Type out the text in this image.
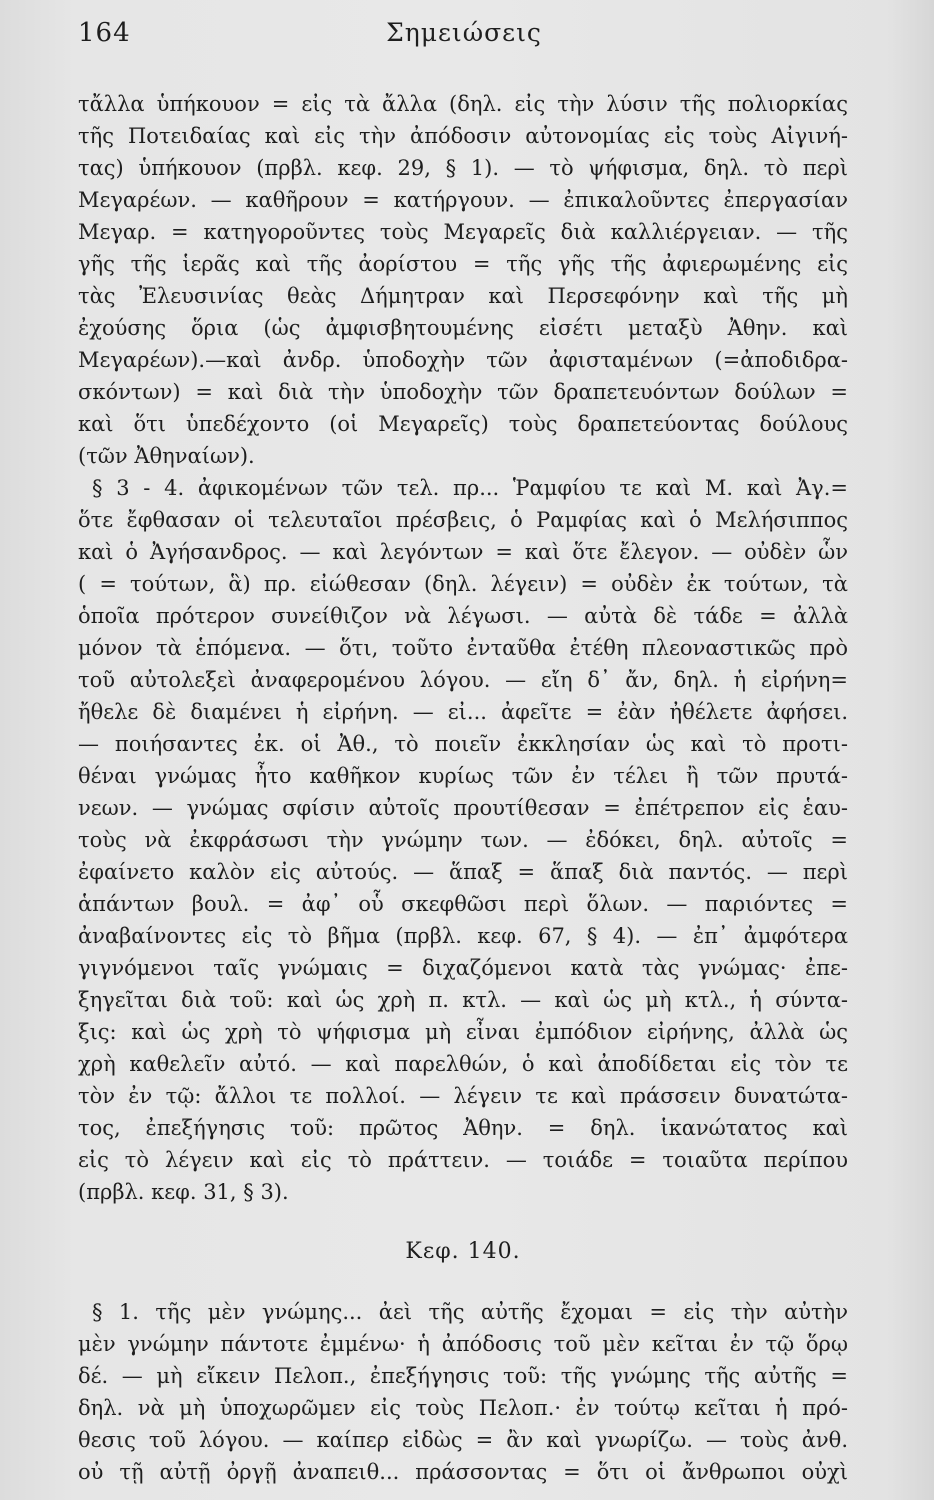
164	Σημειώσεις
τἄλλα ὑπήκουον = εἰς τὰ ἄλλα (δηλ. εἰς τὴν λύσιν τῆς πολιορκίας
τῆς Ποτειδαίας καὶ εἰς τὴν ἀπόδοσιν αὐτονομίας εἰς τοὺς Αἰγινή-
τας) ὑπήκουον (πρβλ. κεφ. 29, § 1). — τὸ ψήφισμα, δηλ. τὸ περὶ
Μεγαρέων. — καθῆρουν = κατήργουν. — ἐπικαλοῦντες ἐπεργασίαν
Μεγαρ. = κατηγοροῦντες τοὺς Μεγαρεῖς διὰ καλλιέργειαν. — τῆς
γῆς τῆς ἱερᾶς καὶ τῆς ἀορίστου = τῆς γῆς τῆς ἀφιερωμένης εἰς
τὰς Ἐλευσινίας θεὰς Δήμητραν καὶ Περσεφόνην καὶ τῆς μὴ
ἐχούσης ὅρια (ὡς ἀμφισβητουμένης εἰσέτι μεταξὺ Ἀθην. καὶ
Μεγαρέων).—καὶ ἀνδρ. ὑποδοχὴν τῶν ἀφισταμένων (=ἀποδιδρα-
σκόντων) = καὶ διὰ τὴν ὑποδοχὴν τῶν δραπετευόντων δούλων =
καὶ ὅτι ὑπεδέχοντο (οἱ Μεγαρεῖς) τοὺς δραπετεύοντας δούλους
(τῶν Ἀθηναίων).
§ 3 - 4. ἀφικομένων τῶν τελ. πρ... Ῥαμφίου τε καὶ Μ. καὶ Ἀγ.=
ὅτε ἔφθασαν οἱ τελευταῖοι πρέσβεις, ὁ Ραμφίας καὶ ὁ Μελήσιππος
καὶ ὁ Ἀγήσανδρος. — καὶ λεγόντων = καὶ ὅτε ἔλεγον. — οὐδὲν ὧν
( = τούτων, ἃ) πρ. εἰώθεσαν (δηλ. λέγειν) = οὐδὲν ἐκ τούτων, τὰ
ὁποῖα πρότερον συνείθιζον νὰ λέγωσι. — αὐτὰ δὲ τάδε = ἀλλὰ
μόνον τὰ ἑπόμενα. — ὅτι, τοῦτο ἐνταῦθα ἐτέθη πλεοναστικῶς πρὸ
τοῦ αὐτολεξεὶ ἀναφερομένου λόγου. — εἴη δ᾿ ἄν, δηλ. ἡ εἰρήνη=
ἤθελε δὲ διαμένει ἡ εἰρήνη. — εἰ... ἀφεῖτε = ἐὰν ἠθέλετε ἀφήσει.
— ποιήσαντες ἐκ. οἱ Ἀθ., τὸ ποιεῖν ἐκκλησίαν ὡς καὶ τὸ προτι-
θέναι γνώμας ἦτο καθῆκον κυρίως τῶν ἐν τέλει ἢ τῶν πρυτά-
νεων. — γνώμας σφίσιν αὐτοῖς προυτίθεσαν = ἐπέτρεπον εἰς ἑαυ-
τοὺς νὰ ἐκφράσωσι τὴν γνώμην των. — ἐδόκει, δηλ. αὐτοῖς =
ἐφαίνετο καλὸν εἰς αὐτούς. — ἅπαξ = ἅπαξ διὰ παντός. — περὶ
ἁπάντων βουλ. = ἀφ᾿ οὗ σκεφθῶσι περὶ ὅλων. — παριόντες =
ἀναβαίνοντες εἰς τὸ βῆμα (πρβλ. κεφ. 67, § 4). — ἐπ᾿ ἀμφότερα
γιγνόμενοι ταῖς γνώμαις = διχαζόμενοι κατὰ τὰς γνώμας· ἐπε-
ξηγεῖται διὰ τοῦ: καὶ ὡς χρὴ π. κτλ. — καὶ ὡς μὴ κτλ., ἡ σύντα-
ξις: καὶ ὡς χρὴ τὸ ψήφισμα μὴ εἶναι ἐμπόδιον εἰρήνης, ἀλλὰ ὡς
χρὴ καθελεῖν αὐτό. — καὶ παρελθών, ὁ καὶ ἀποδίδεται εἰς τὸν τε
τὸν ἐν τῷ: ἄλλοι τε πολλοί. — λέγειν τε καὶ πράσσειν δυνατώτα-
τος, ἐπεξήγησις τοῦ: πρῶτος Ἀθην. = δηλ. ἱκανώτατος καὶ
εἰς τὸ λέγειν καὶ εἰς τὸ πράττειν. — τοιάδε = τοιαῦτα περίπου
(πρβλ. κεφ. 31, § 3).
Κεφ. 140.
§ 1. τῆς μὲν γνώμης... ἀεὶ τῆς αὐτῆς ἔχομαι = εἰς τὴν αὐτὴν
μὲν γνώμην πάντοτε ἐμμένω· ἡ ἀπόδοσις τοῦ μὲν κεῖται ἐν τῷ ὅρῳ
δέ. — μὴ εἴκειν Πελοπ., ἐπεξήγησις τοῦ: τῆς γνώμης τῆς αὐτῆς =
δηλ. νὰ μὴ ὑποχωρῶμεν εἰς τοὺς Πελοπ.· ἐν τούτῳ κεῖται ἡ πρό-
θεσις τοῦ λόγου. — καίπερ εἰδὼς = ἂν καὶ γνωρίζω. — τοὺς ἀνθ.
οὐ τῇ αὐτῇ ὀργῇ ἀναπειθ... πράσσοντας = ὅτι οἱ ἄνθρωποι οὐχὶ
